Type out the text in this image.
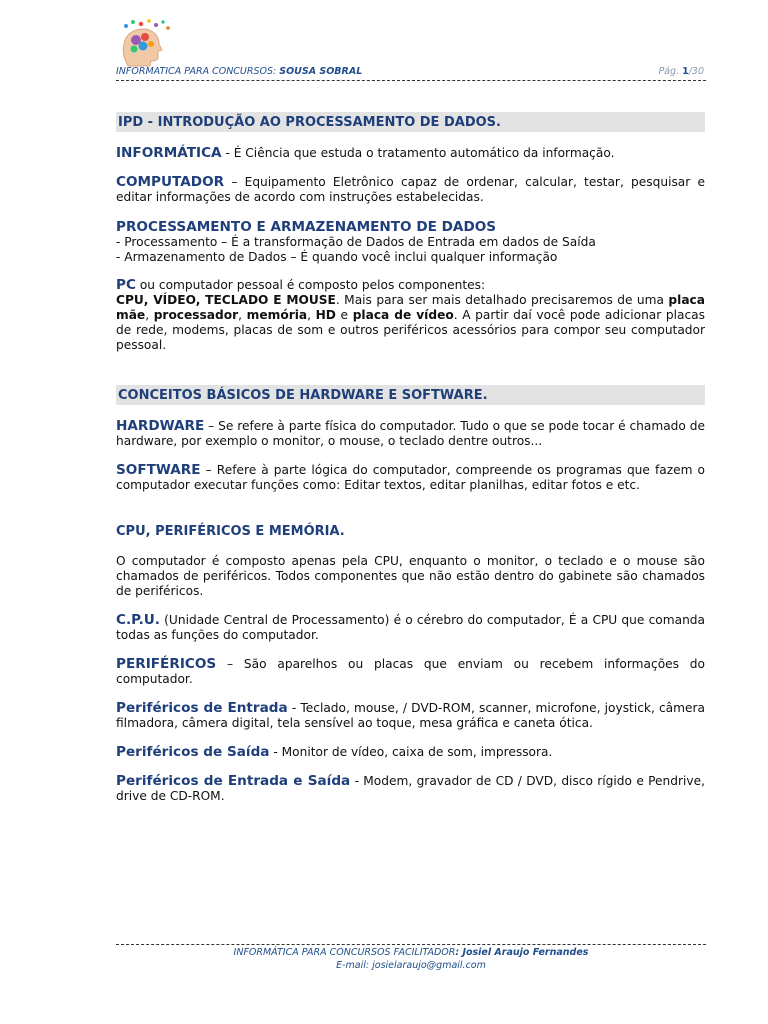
INFORMATICA PARA CONCURSOS: SOUSA SOBRAL	Pág. 1/30
IPD - INTRODUÇÃO AO PROCESSAMENTO DE DADOS.

INFORMÁTICA - É Ciência que estuda o tratamento automático da informação.

COMPUTADOR – Equipamento Eletrônico capaz de ordenar, calcular, testar, pesquisar e editar informações de acordo com instruções estabelecidas.

PROCESSAMENTO E ARMAZENAMENTO DE DADOS

- Processamento – É a transformação de Dados de Entrada em dados de Saída

- Armazenamento de Dados – É quando você inclui qualquer informação

PC ou computador pessoal é composto pelos componentes:

CPU, VÍDEO, TECLADO E MOUSE. Mais para ser mais detalhado precisaremos de uma placa mãe, processador, memória, HD e placa de vídeo. A partir daí você pode adicionar placas de rede, modems, placas de som e outros periféricos acessórios para compor seu computador pessoal.

CONCEITOS BÁSICOS DE HARDWARE E SOFTWARE.

HARDWARE – Se refere à parte física do computador. Tudo o que se pode tocar é chamado de hardware, por exemplo o monitor, o mouse, o teclado dentre outros...

SOFTWARE – Refere à parte lógica do computador, compreende os programas que fazem o computador executar funções como: Editar textos, editar planilhas, editar fotos e etc.

CPU, PERIFÉRICOS E MEMÓRIA.

O computador é composto apenas pela CPU, enquanto o monitor, o teclado e o mouse são chamados de periféricos. Todos componentes que não estão dentro do gabinete são chamados de periféricos.

C.P.U. (Unidade Central de Processamento) é o cérebro do computador, É a CPU que comanda todas as funções do computador.

PERIFÉRICOS – São aparelhos ou placas que enviam ou recebem informações do computador.

Periféricos de Entrada - Teclado, mouse, / DVD-ROM, scanner, microfone, joystick, câmera filmadora, câmera digital, tela sensível ao toque, mesa gráfica e caneta ótica.

Periféricos de Saída - Monitor de vídeo, caixa de som, impressora.

Periféricos de Entrada e Saída - Modem, gravador de CD / DVD, disco rígido e Pendrive, drive de CD-ROM.

INFORMÁTICA PARA CONCURSOS FACILITADOR: Josiel Araujo Fernandes
E-mail: josielaraujo@gmail.com
